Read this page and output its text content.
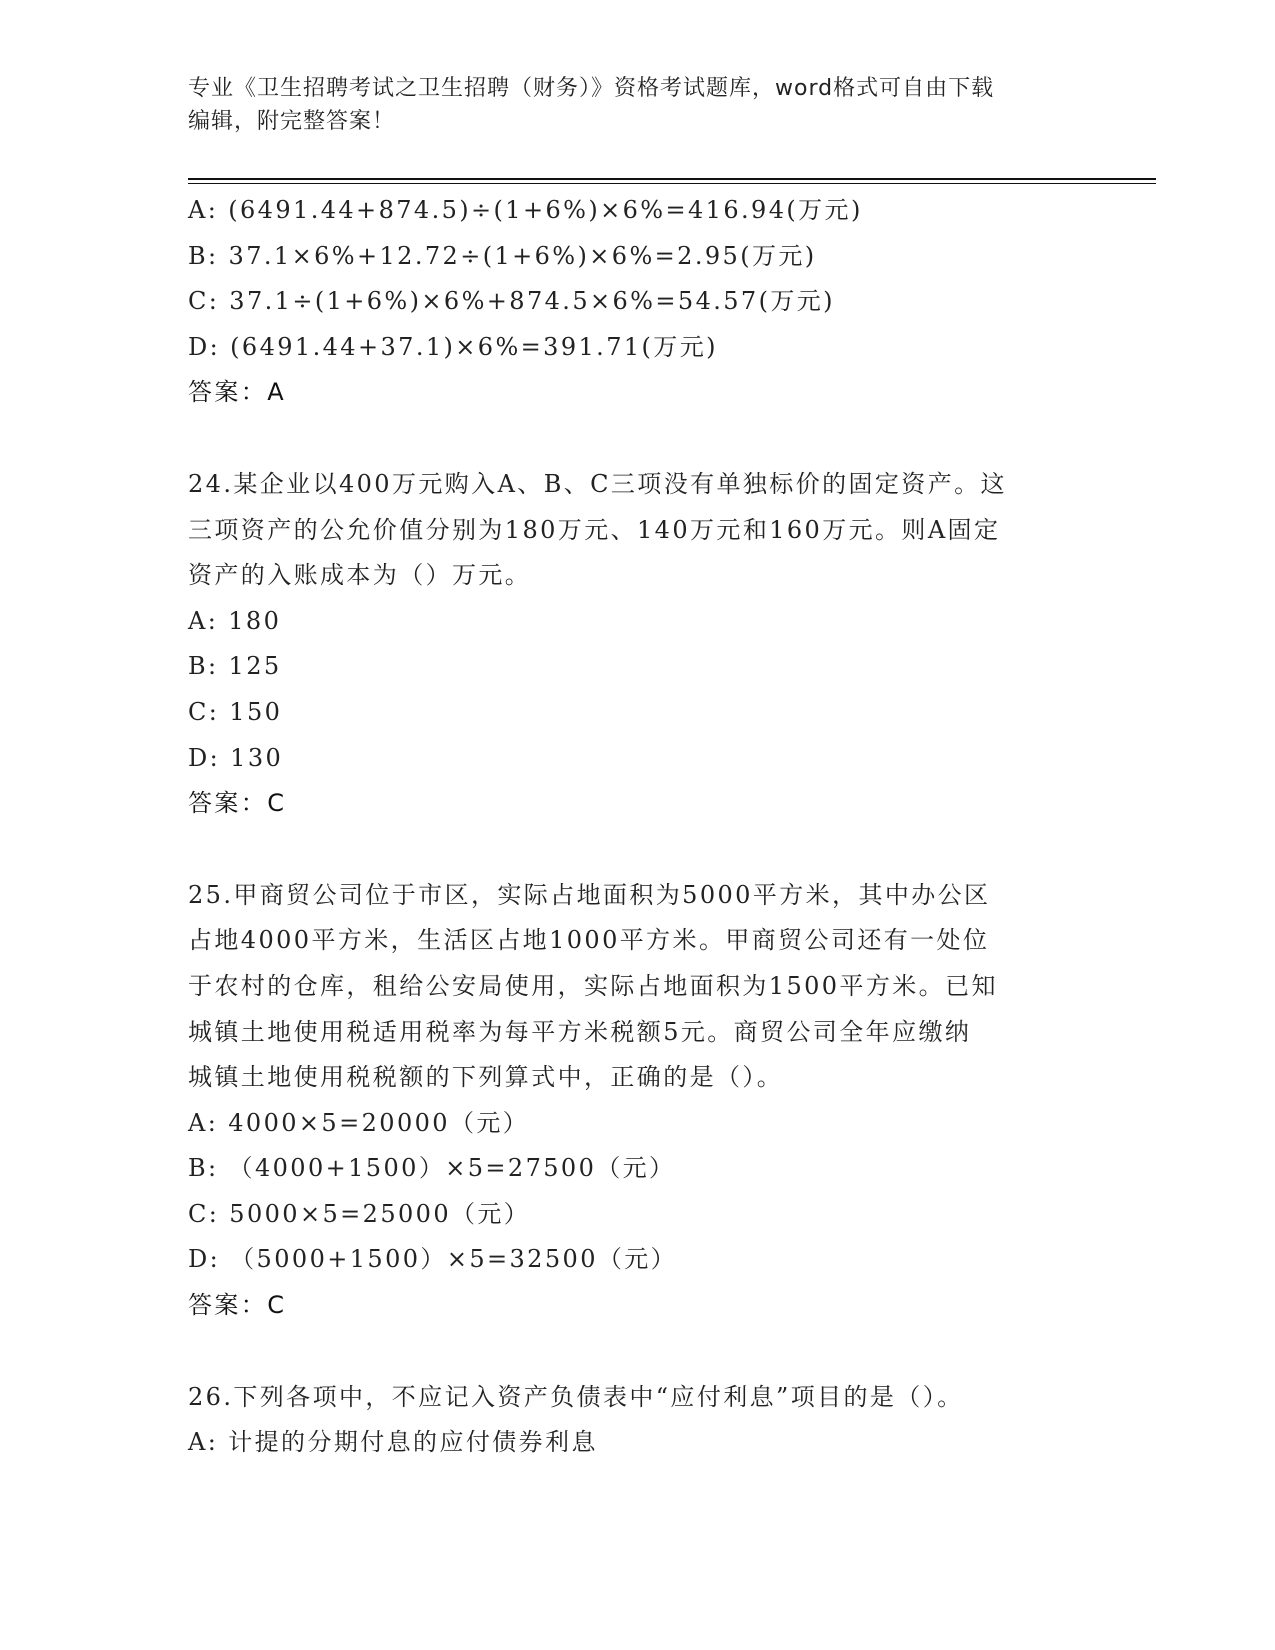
专业《卫生招聘考试之卫生招聘（财务）》资格考试题库，word格式可自由下载
编辑，附完整答案！
A: (6491.44+874.5)÷(1+6%)×6%=416.94(万元)
B: 37.1×6%+12.72÷(1+6%)×6%=2.95(万元)
C: 37.1÷(1+6%)×6%+874.5×6%=54.57(万元)
D: (6491.44+37.1)×6%=391.71(万元)
答案：A
24.某企业以400万元购入A、B、C三项没有单独标价的固定资产。这
三项资产的公允价值分别为180万元、140万元和160万元。则A固定
资产的入账成本为（）万元。
A: 180
B: 125
C: 150
D: 130
答案：C
25.甲商贸公司位于市区，实际占地面积为5000平方米，其中办公区
占地4000平方米，生活区占地1000平方米。甲商贸公司还有一处位
于农村的仓库，租给公安局使用，实际占地面积为1500平方米。已知
城镇土地使用税适用税率为每平方米税额5元。商贸公司全年应缴纳
城镇土地使用税税额的下列算式中，正确的是（）。
A: 4000×5=20000（元）
B: （4000+1500）×5=27500（元）
C: 5000×5=25000（元）
D: （5000+1500）×5=32500（元）
答案：C
26.下列各项中，不应记入资产负债表中“应付利息”项目的是（）。
A: 计提的分期付息的应付债券利息
